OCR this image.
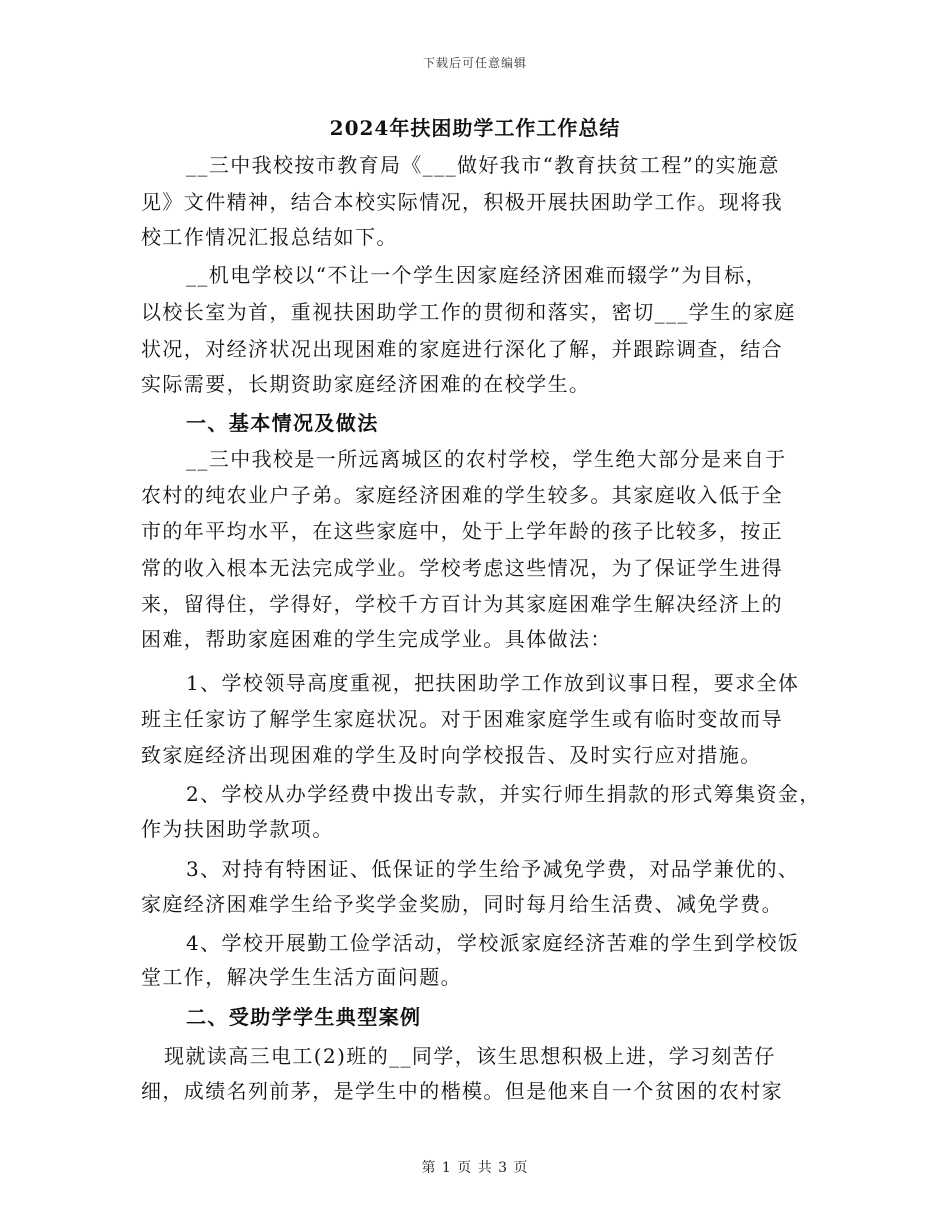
下载后可任意编辑
2024年扶困助学工作工作总结
__三中我校按市教育局《___做好我市“教育扶贫工程”的实施意
见》文件精神，结合本校实际情况，积极开展扶困助学工作。现将我
校工作情况汇报总结如下。
__机电学校以“不让一个学生因家庭经济困难而辍学”为目标，
以校长室为首，重视扶困助学工作的贯彻和落实，密切___学生的家庭
状况，对经济状况出现困难的家庭进行深化了解，并跟踪调查，结合
实际需要，长期资助家庭经济困难的在校学生。
一、基本情况及做法
__三中我校是一所远离城区的农村学校，学生绝大部分是来自于
农村的纯农业户子弟。家庭经济困难的学生较多。其家庭收入低于全
市的年平均水平，在这些家庭中，处于上学年龄的孩子比较多，按正
常的收入根本无法完成学业。学校考虑这些情况，为了保证学生进得
来，留得住，学得好，学校千方百计为其家庭困难学生解决经济上的
困难，帮助家庭困难的学生完成学业。具体做法：
1、学校领导高度重视，把扶困助学工作放到议事日程，要求全体
班主任家访了解学生家庭状况。对于困难家庭学生或有临时变故而导
致家庭经济出现困难的学生及时向学校报告、及时实行应对措施。
2、学校从办学经费中拨出专款，并实行师生捐款的形式筹集资金，
作为扶困助学款项。
3、对持有特困证、低保证的学生给予减免学费，对品学兼优的、
家庭经济困难学生给予奖学金奖励，同时每月给生活费、减免学费。
4、学校开展勤工俭学活动，学校派家庭经济苦难的学生到学校饭
堂工作，解决学生生活方面问题。
二、受助学学生典型案例
现就读高三电工(2)班的__同学，该生思想积极上进，学习刻苦仔
细，成绩名列前茅，是学生中的楷模。但是他来自一个贫困的农村家
第 1 页 共 3 页
